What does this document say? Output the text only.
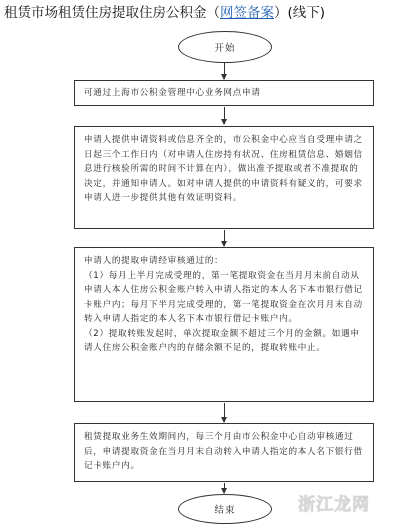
租赁市场租赁住房提取住房公积金（网签备案）(线下)
开始

可通过上海市公积金管理中心业务网点申请

申请人提供申请资料或信息齐全的，市公积金中心应当自受理申请之日起三个工作日内（对申请人住房持有状况、住房租赁信息、婚姻信息进行核验所需的时间不计算在内），做出准予提取或者不准提取的决定，并通知申请人。如对申请人提供的申请资料有疑义的，可要求申请人进一步提供其他有效证明资料。

申请人的提取申请经审核通过的：

（1）每月上半月完成受理的，第一笔提取资金在当月月末前自动从申请人本人住房公积金账户转入申请人指定的本人名下本市银行借记卡账户内；每月下半月完成受理的，第一笔提取资金在次月月末自动转入申请人指定的本人名下本市银行借记卡账户内。

（2）提取转账发起时，单次提取金额不超过三个月的金额。如遇申请人住房公积金账户内的存储余额不足的，提取转账中止。

租赁提取业务生效期间内，每三个月由市公积金中心自动审核通过后，申请提取资金在当月月末自动转入申请人指定的本人名下银行借记卡账户内。

结束	浙江龙网
